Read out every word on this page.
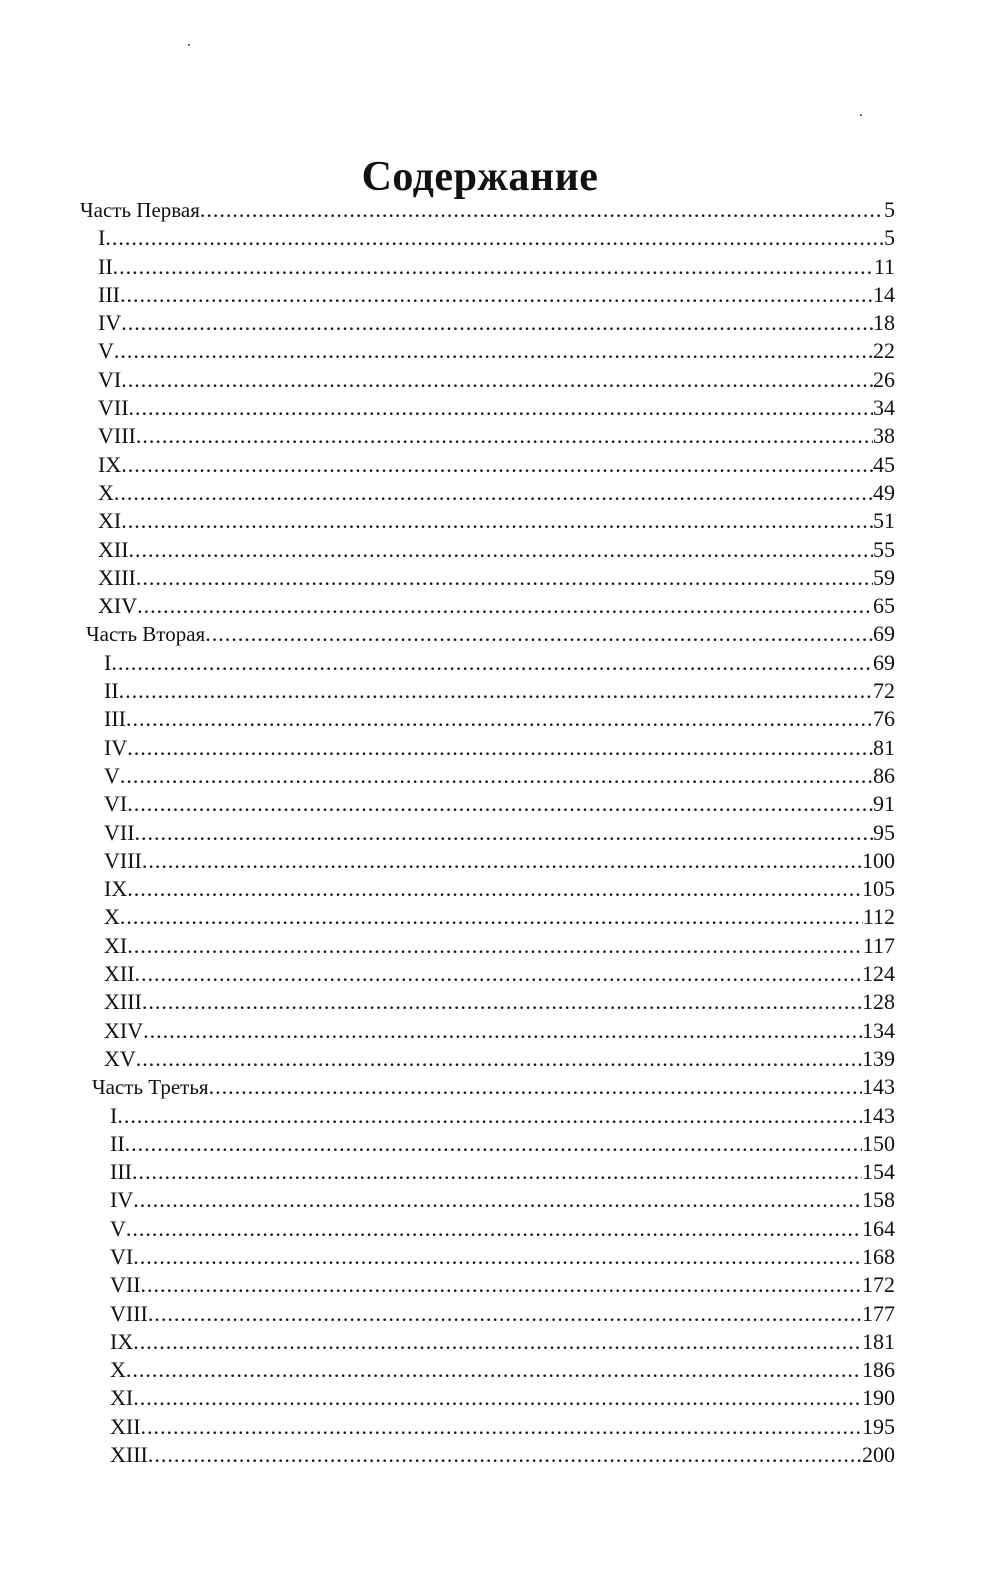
Содержание
Часть Первая .....	5
I .....	5
II .....	11
III .....	14
IV .....	18
V .....	22
VI .....	26
VII .....	34
VIII .....	38
IX .....	45
X .....	49
XI .....	51
XII .....	55
XIII .....	59
XIV .....	65
Часть Вторая .....	69
I .....	69
II .....	72
III .....	76
IV .....	81
V .....	86
VI .....	91
VII .....	95
VIII .....	100
IX .....	105
X .....	112
XI .....	117
XII .....	124
XIII .....	128
XIV .....	134
XV .....	139
Часть Третья .....	143
I .....	143
II .....	150
III .....	154
IV .....	158
V .....	164
VI .....	168
VII .....	172
VIII .....	177
IX .....	181
X .....	186
XI .....	190
XII .....	195
XIII .....	200
